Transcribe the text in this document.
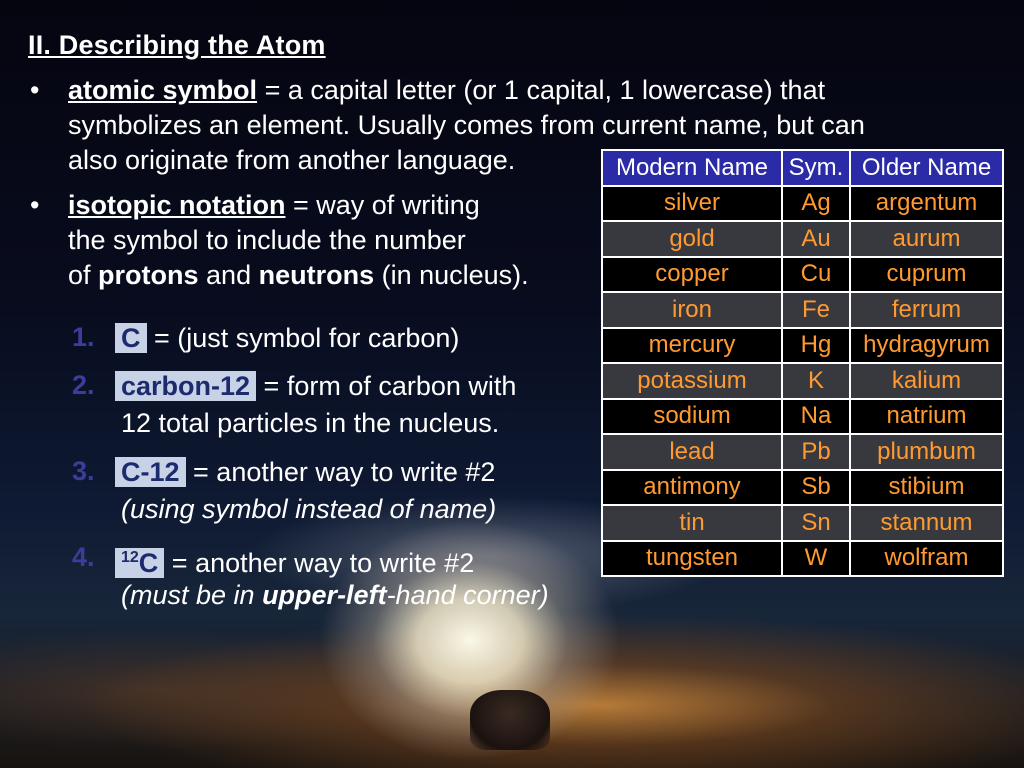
II. Describing the Atom
• atomic symbol = a capital letter (or 1 capital, 1 lowercase) that
symbolizes an element. Usually comes from current name, but can
also originate from another language.
• isotopic notation = way of writing
the symbol to include the number
of protons and neutrons (in nucleus).
1. C = (just symbol for carbon)
2. carbon-12 = form of carbon with
12 total particles in the nucleus.
3. C-12 = another way to write #2
(using symbol instead of name)
4.	$^{12}$C = another way to write #2
(must be in upper-left-hand corner)
Modern Name	Sym.	Older Name
silver	Ag	argentum
gold	Au	aurum
copper	Cu	cuprum
iron	Fe	ferrum
mercury	Hg	hydragyrum
potassium	K	kalium
sodium	Na	natrium
lead	Pb	plumbum
antimony	Sb	stibium
tin	Sn	stannum
tungsten	W	wolfram
